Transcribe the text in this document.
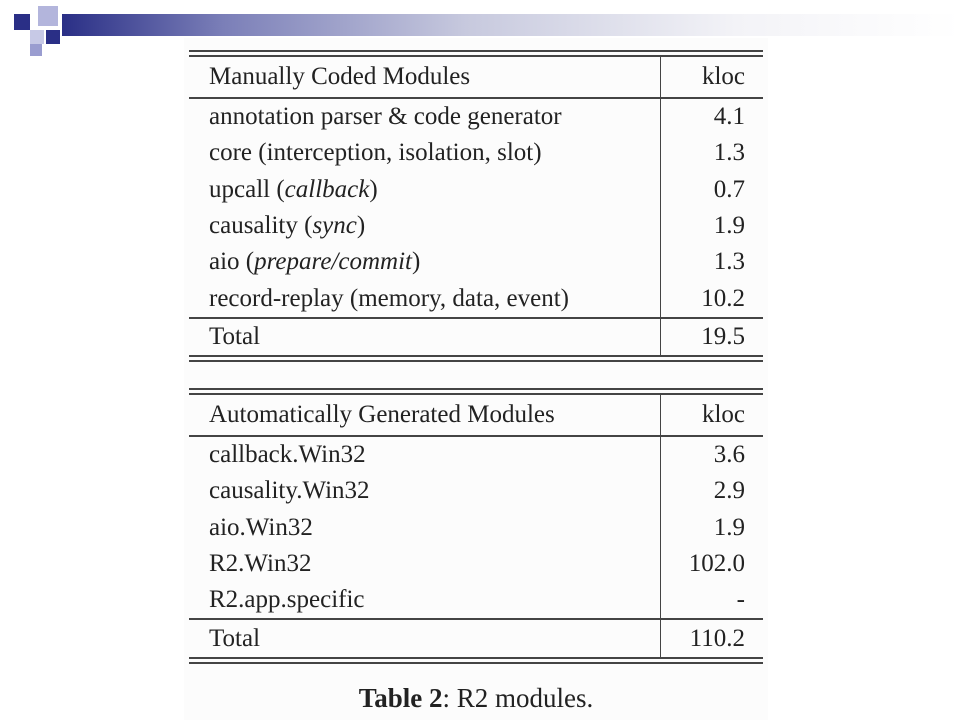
Manually Coded Modules	kloc
annotation parser & code generator	4.1
core (interception, isolation, slot)	1.3
upcall (callback)	0.7
causality (sync)	1.9
aio (prepare/commit)	1.3
record-replay (memory, data, event)	10.2
Total	19.5
Automatically Generated Modules	kloc
callback.Win32	3.6
causality.Win32	2.9
aio.Win32	1.9
R2.Win32	102.0
R2.app.specific	-
Total	110.2
Table 2: R2 modules.
